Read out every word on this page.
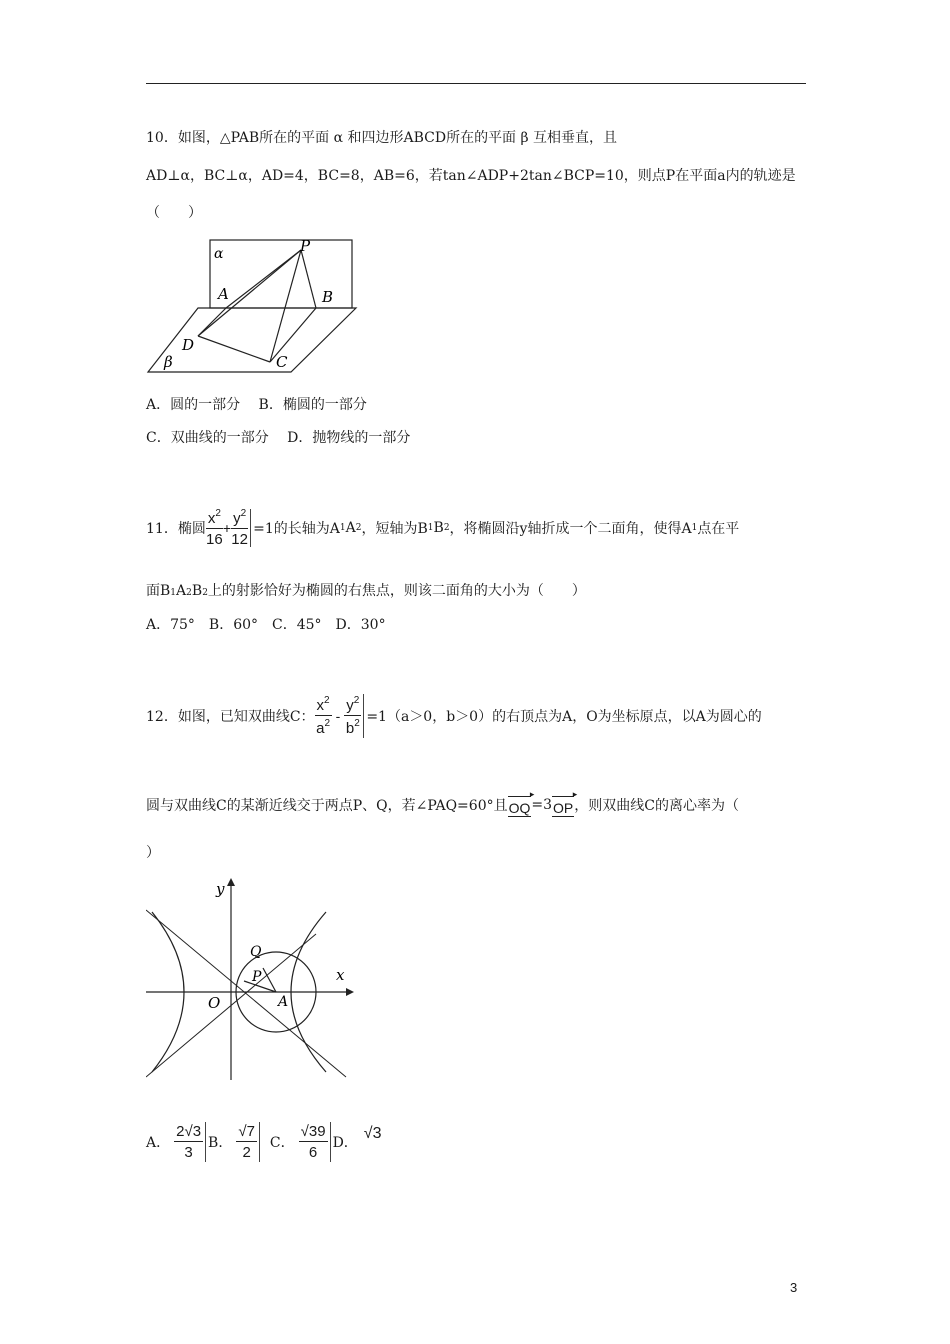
10．如图，△PAB所在的平面 α 和四边形ABCD所在的平面 β 互相垂直，且
AD⊥α，BC⊥α，AD=4，BC=8，AB=6，若tan∠ADP+2tan∠BCP=10，则点P在平面a内的轨迹是
（　　）
α	P
A	B
D
C
β
A．圆的一部分　 B．椭圆的一部分
C．双曲线的一部分　 D．抛物线的一部分
11．椭圆 $\frac{x^2}{16} + \frac{y^2}{12} =1$的长轴为A 1 A 2 ，短轴为B 1 B 2 ，将椭圆沿y轴折成一个二面角，使得A 1 点在平
面B1A2B2上的射影恰好为椭圆的右焦点，则该二面角的大小为（　　）
A．75°　B．60°　C．45°　D．30°
12．如图，已知双曲线C： $\frac{x^2}{a^2} - \frac{y^2}{b^2} =1(a>0$，b＞0）的右顶点为A，O为坐标原点，以A为圆心的
圆与双曲线C的某渐近线交于两点P、Q，若∠PAQ=60°且 OQ ▸ =3 OP ▸ ，则双曲线C的离心率为（
）
y
x
O	A
P
Q
A． $\frac{2√3}{3}$ B． $\frac{√7}{2}$ C． $\frac{√39}{6}$ D．
√3
3
